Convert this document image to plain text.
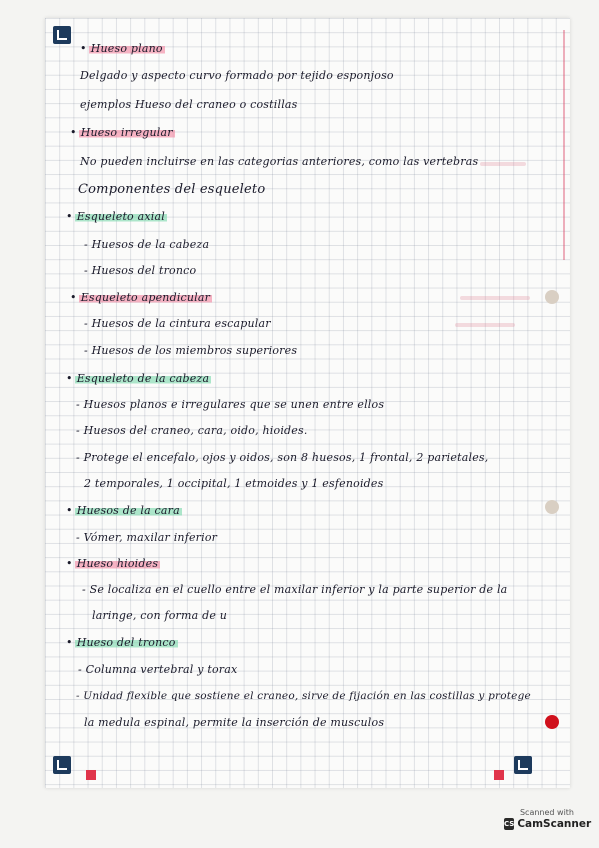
• Hueso plano
Delgado y aspecto curvo formado por tejido esponjoso
ejemplos Hueso del craneo o costillas
• Hueso irregular
No pueden incluirse en las categorias anteriores, como las vertebras
Componentes del esqueleto
• Esqueleto axial
- Huesos de la cabeza
- Huesos del tronco
• Esqueleto apendicular
- Huesos de la cintura escapular
- Huesos de los miembros superiores
• Esqueleto de la cabeza
- Huesos planos e irregulares que se unen entre ellos
- Huesos del craneo, cara, oido, hioides.
- Protege el encefalo, ojos y oidos, son 8 huesos, 1 frontal, 2 parietales,
2 temporales, 1 occipital, 1 etmoides y 1 esfenoides
• Huesos de la cara
- Vómer, maxilar inferior
• Hueso hioides
- Se localiza en el cuello entre el maxilar inferior y la parte superior de la
laringe, con forma de u
• Hueso del tronco
- Columna vertebral y torax
- Unidad flexible que sostiene el craneo, sirve de fijación en las costillas y protege
la medula espinal, permite la inserción de musculos
Scanned with
CS CamScanner
